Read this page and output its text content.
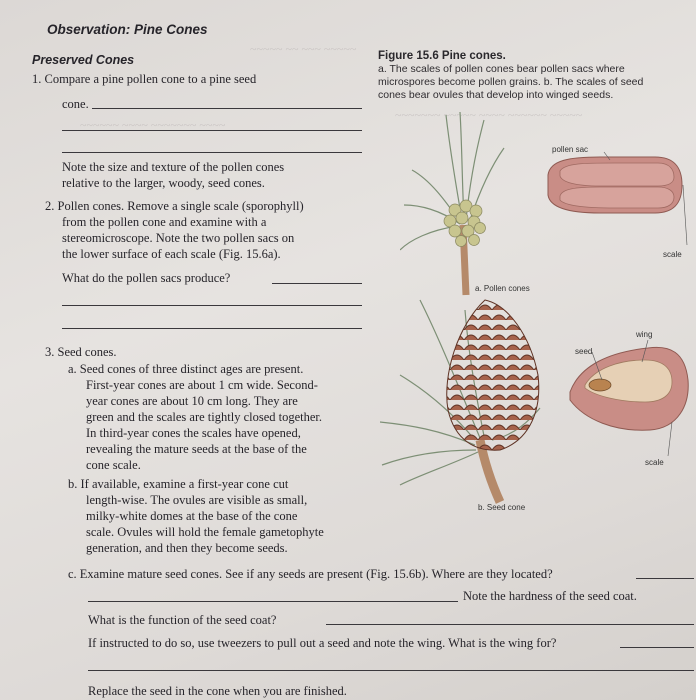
~~~~~ ~~ ~~~ ~~~~~
~~~~~~ ~~~~ ~~~~~~~ ~~~~
~~~~~~~ ~~~~~ ~~~~ ~~~~~~ ~~~~~
Observation: Pine Cones
Preserved Cones
1. Compare a pine pollen cone to a pine seed
cone.
Note the size and texture of the pollen cones
relative to the larger, woody, seed cones.
2. Pollen cones. Remove a single scale (sporophyll)
from the pollen cone and examine with a
stereomicroscope. Note the two pollen sacs on
the lower surface of each scale (Fig. 15.6a).
What do the pollen sacs produce?
3. Seed cones.
a. Seed cones of three distinct ages are present.
First-year cones are about 1 cm wide. Second-
year cones are about 10 cm long. They are
green and the scales are tightly closed together.
In third-year cones the scales have opened,
revealing the mature seeds at the base of the
cone scale.
b. If available, examine a first-year cone cut
length-wise. The ovules are visible as small,
milky-white domes at the base of the cone
scale. Ovules will hold the female gametophyte
generation, and then they become seeds.
c. Examine mature seed cones. See if any seeds are present (Fig. 15.6b). Where are they located?
Note the hardness of the seed coat.
What is the function of the seed coat?
If instructed to do so, use tweezers to pull out a seed and note the wing. What is the wing for?
Replace the seed in the cone when you are finished.
Figure 15.6 Pine cones.
a. The scales of pollen cones bear pollen sacs where
microspores become pollen grains. b. The scales of seed
cones bear ovules that develop into winged seeds.
pollen sac
scale
a. Pollen cones
wing
seed
scale
b. Seed cone
